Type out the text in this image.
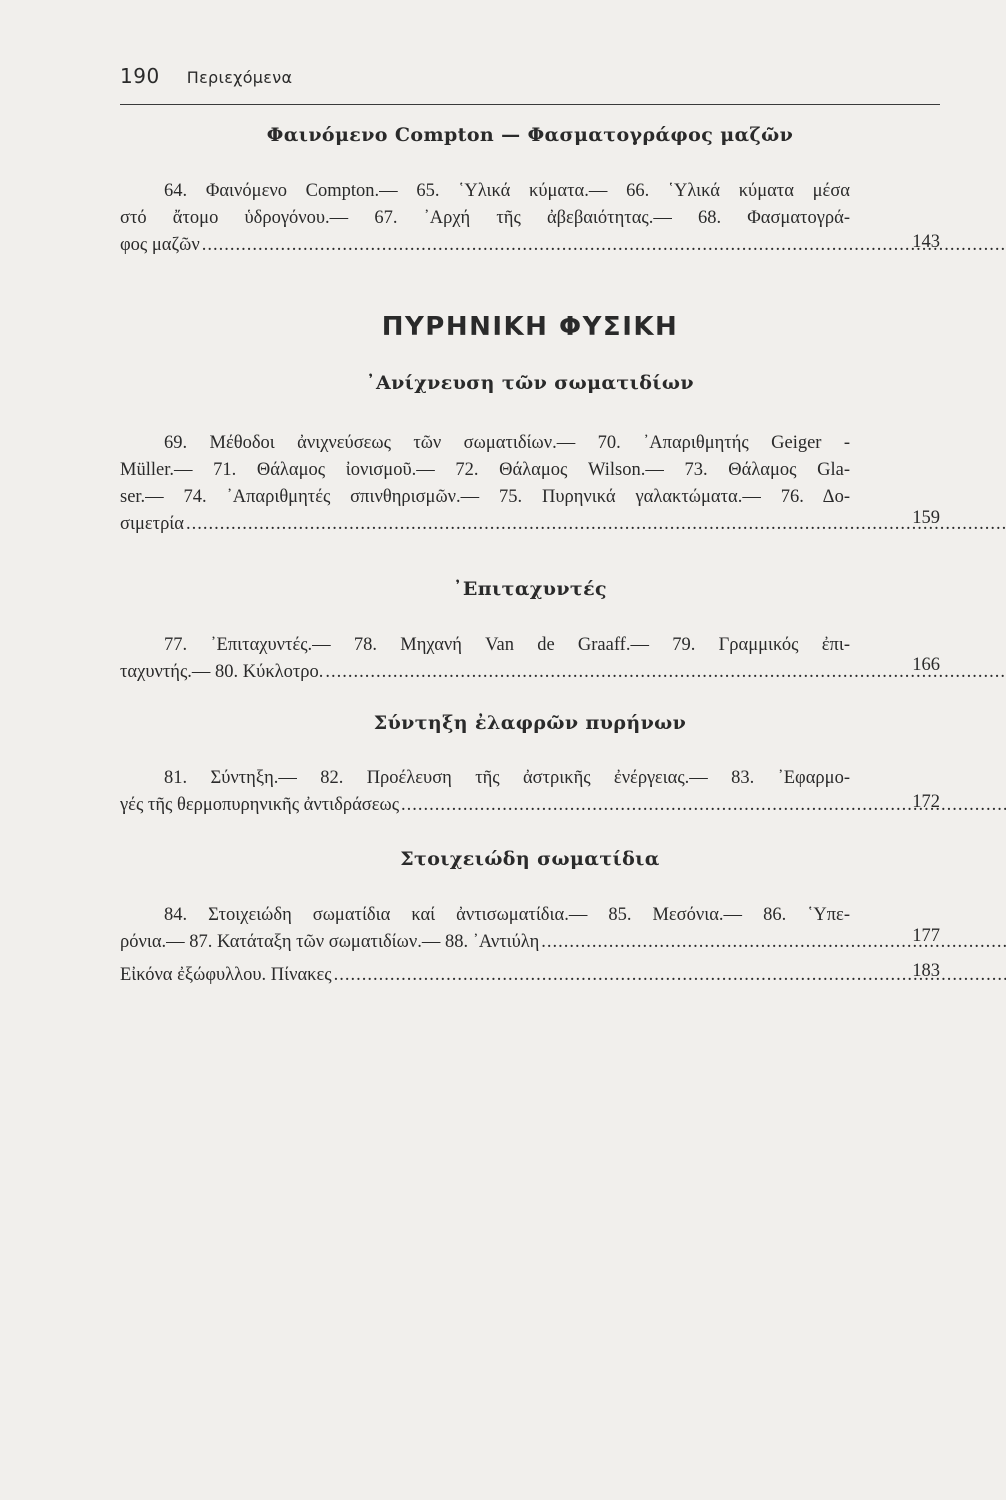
190 Περιεχόμενα
Φαινόμενο Compton — Φασματογράφος μαζῶν
64. Φαινόμενο Compton.— 65. ῾Υλικά κύματα.— 66. ῾Υλικά κύματα μέσα
στό ἄτομο ὑδρογόνου.— 67. ᾿Αρχή τῆς ἀβεβαιότητας.— 68. Φασματογρά-
φος μαζῶν .....	143
ΠΥΡΗΝΙΚΗ ΦΥΣΙΚΗ
᾿Ανίχνευση τῶν σωματιδίων
69. Μέθοδοι ἀνιχνεύσεως τῶν σωματιδίων.— 70. ᾿Απαριθμητής Geiger -
Müller.— 71. Θάλαμος ἰονισμοῦ.— 72. Θάλαμος Wilson.— 73. Θάλαμος Gla-
ser.— 74. ᾿Απαριθμητές σπινθηρισμῶν.— 75. Πυρηνικά γαλακτώματα.— 76. Δο-
σιμετρία .....	159
᾿Επιταχυντές
77. ᾿Επιταχυντές.— 78. Μηχανή Van de Graaff.— 79. Γραμμικός ἐπι-
ταχυντής.— 80. Κύκλοτρο. .....	166
Σύντηξη ἐλαφρῶν πυρήνων
81. Σύντηξη.— 82. Προέλευση τῆς ἀστρικῆς ἐνέργειας.— 83. ᾿Εφαρμο-
γές τῆς θερμοπυρηνικῆς ἀντιδράσεως .....	172
Στοιχειώδη σωματίδια
84. Στοιχειώδη σωματίδια καί ἀντισωματίδια.— 85. Μεσόνια.— 86. ῾Υπε-
ρόνια.— 87. Κατάταξη τῶν σωματιδίων.— 88. ᾿Αντιύλη .....	177
Εἰκόνα ἐξώφυλλου. Πίνακες .....	183
